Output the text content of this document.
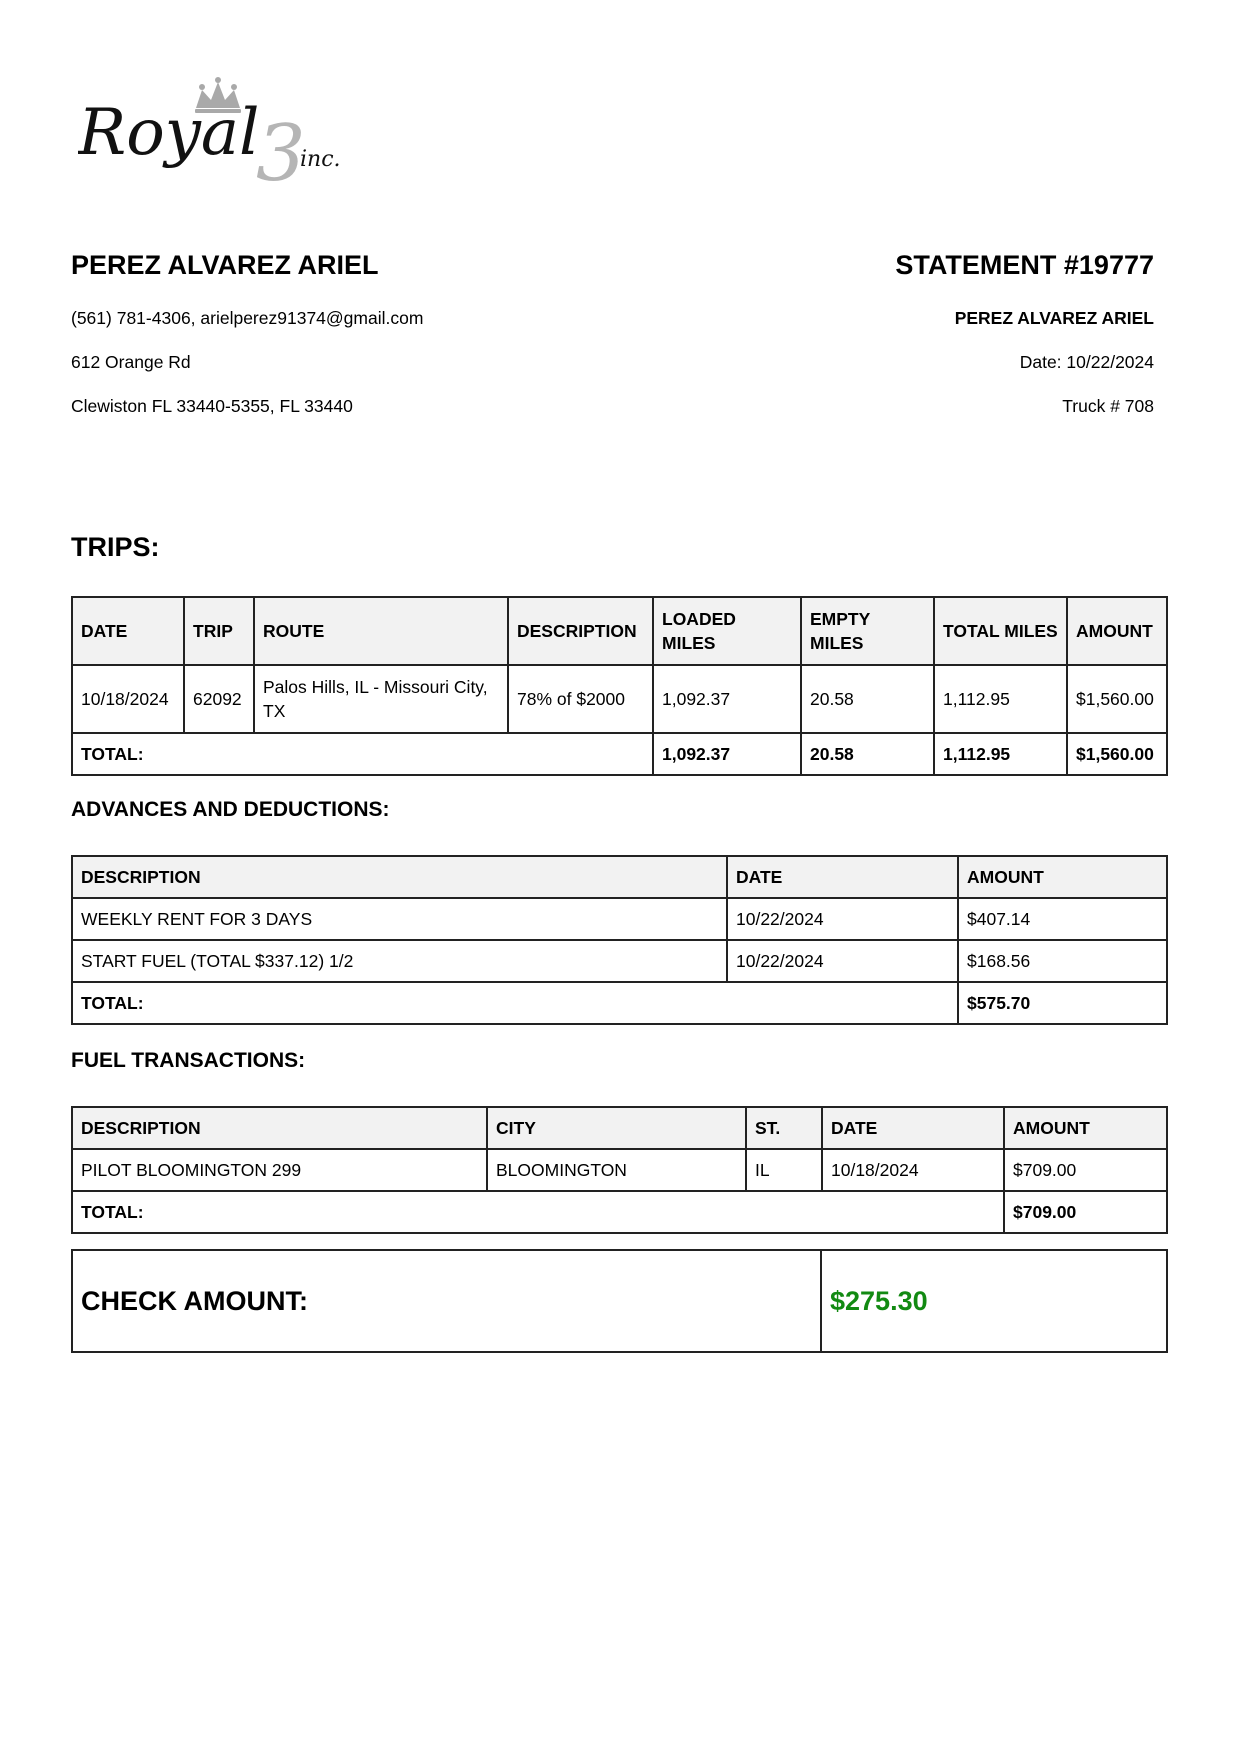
3
Royal inc.
PEREZ ALVAREZ ARIEL
(561) 781-4306, arielperez91374@gmail.com
612 Orange Rd
Clewiston FL 33440-5355, FL 33440
STATEMENT #19777
PEREZ ALVAREZ ARIEL
Date: 10/22/2024
Truck # 708
TRIPS:
DATE	TRIP	ROUTE	DESCRIPTION	LOADED MILES	EMPTY MILES	TOTAL MILES	AMOUNT
10/18/2024	62092	Palos Hills, IL - Missouri City, TX	78% of $2000	1,092.37	20.58	1,112.95	$1,560.00
TOTAL:				1,092.37	20.58	1,112.95	$1,560.00
ADVANCES AND DEDUCTIONS:
DESCRIPTION	DATE	AMOUNT
WEEKLY RENT FOR 3 DAYS	10/22/2024	$407.14
START FUEL (TOTAL $337.12) 1/2	10/22/2024	$168.56
TOTAL:		$575.70
FUEL TRANSACTIONS:
DESCRIPTION	CITY	ST.	DATE	AMOUNT
PILOT BLOOMINGTON 299	BLOOMINGTON	IL	10/18/2024	$709.00
TOTAL:				$709.00
CHECK AMOUNT:	$275.30
